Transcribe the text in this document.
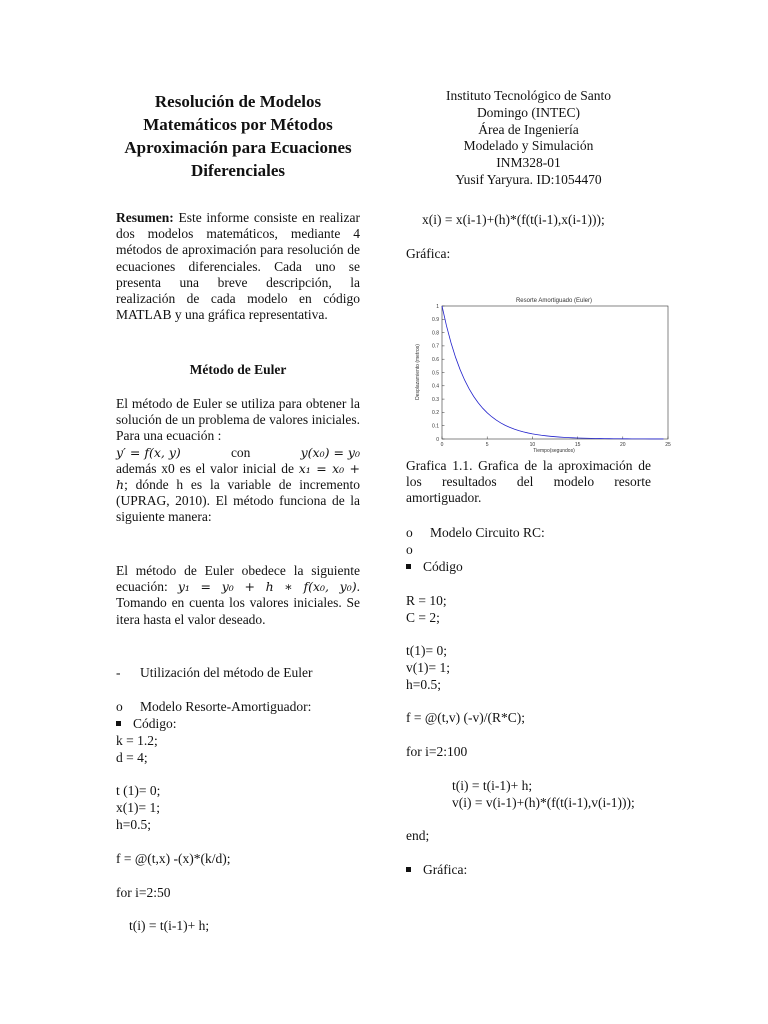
Resolución de Modelos Matemáticos por Métodos Aproximación para Ecuaciones Diferenciales
Resumen: Este informe consiste en realizar dos modelos matemáticos, mediante 4 métodos de aproximación para resolución de ecuaciones diferenciales. Cada uno se presenta una breve descripción, la realización de cada modelo en código MATLAB y una gráfica representativa.
Método de Euler
El método de Euler se utiliza para obtener la solución de un problema de valores iniciales. Para una ecuación :
y′ = f(x, y)	con	y(x₀) = y₀
además x0 es el valor inicial de x₁ = x₀ + h; dónde h es la variable de incremento (UPRAG, 2010). El método funciona de la siguiente manera:
El método de Euler obedece la siguiente ecuación: y₁ = y₀ + h ∗ f(x₀, y₀). Tomando en cuenta los valores iniciales. Se itera hasta el valor deseado.
- Utilización del método de Euler
o Modelo Resorte-Amortiguador:
Código:
k = 1.2;
d = 4;
t (1)= 0;
x(1)= 1;
h=0.5;
f = @(t,x) -(x)*(k/d);
for i=2:50
t(i) = t(i-1)+ h;
Instituto Tecnológico de Santo
Domingo (INTEC)
Área de Ingeniería
Modelado y Simulación
INM328-01
Yusif Yaryura. ID:1054470
x(i) = x(i-1)+(h)*(f(t(i-1),x(i-1)));
Gráfica:
Resorte Amortiguado (Euler)
0
0.1
0.2
0.3
0.4
0.5
0.6
0.7
0.8
0.9
1
0	5	10	15	20	25
Tiempo(segundos)
Desplazamiento (metros)
Grafica 1.1. Grafica de la aproximación de los resultados del modelo resorte amortiguador.
o Modelo Circuito RC:
o
Código
R = 10;
C = 2;
t(1)= 0;
v(1)= 1;
h=0.5;
f = @(t,v) (-v)/(R*C);
for i=2:100
t(i) = t(i-1)+ h;
v(i) = v(i-1)+(h)*(f(t(i-1),v(i-1)));
end;
Gráfica:
